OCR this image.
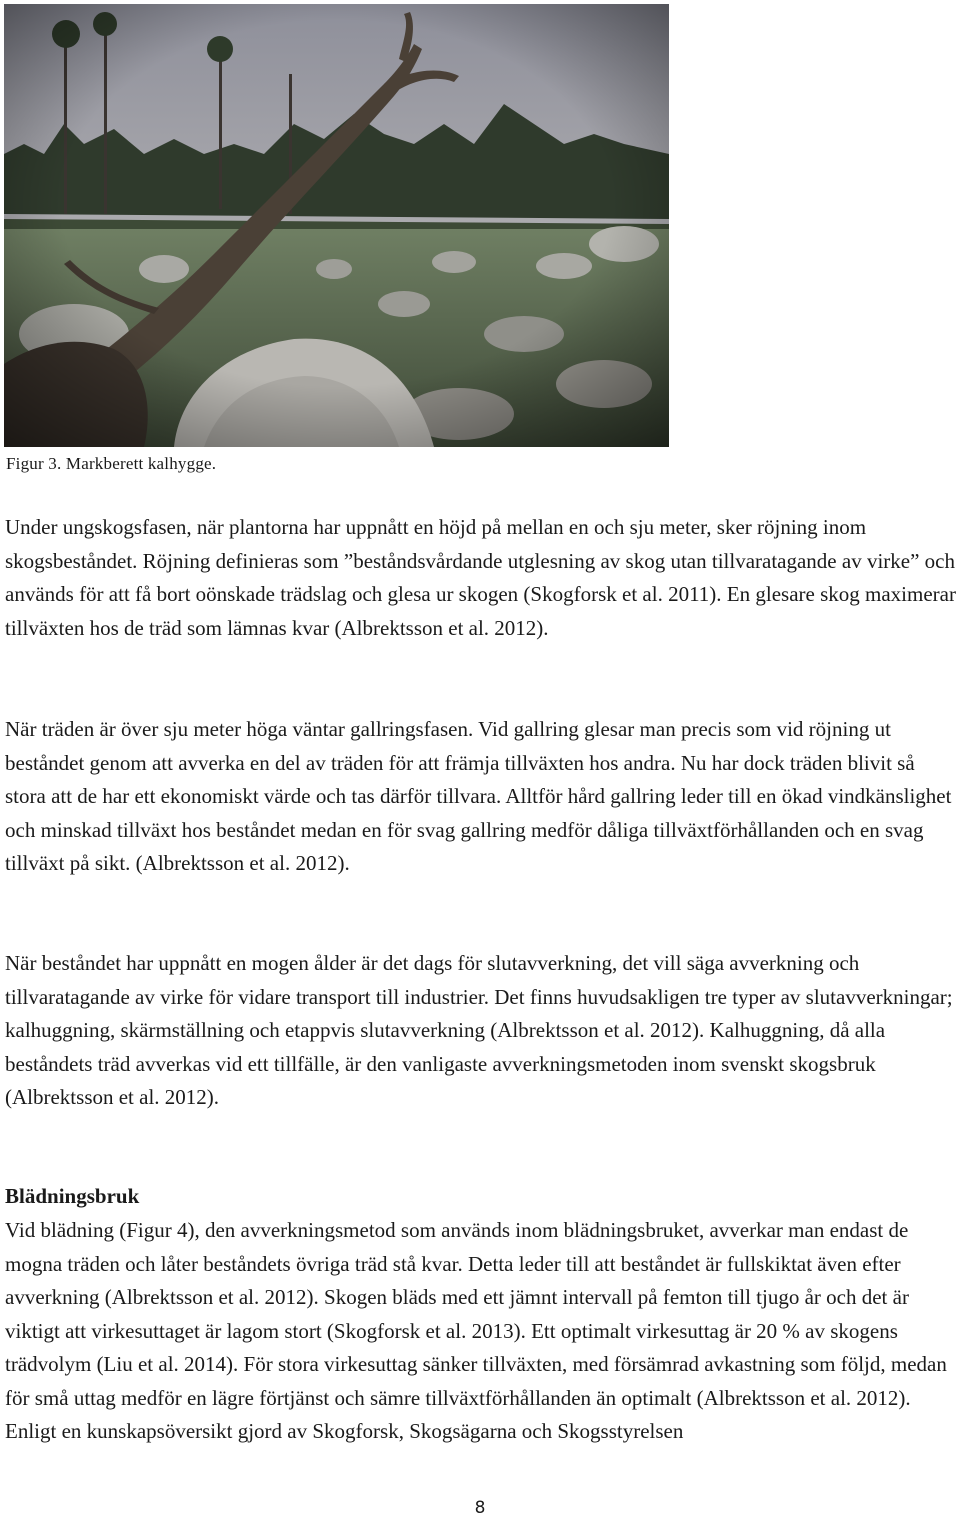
Figur 3. Markberett kalhygge.
Under ungskogsfasen, när plantorna har uppnått en höjd på mellan en och sju meter, sker röjning inom skogsbeståndet. Röjning definieras som ”beståndsvårdande utglesning av skog utan tillvaratagande av virke” och används för att få bort oönskade trädslag och glesa ur skogen (Skogforsk et al. 2011). En glesare skog maximerar tillväxten hos de träd som lämnas kvar (Albrektsson et al. 2012).
När träden är över sju meter höga väntar gallringsfasen. Vid gallring glesar man precis som vid röjning ut beståndet genom att avverka en del av träden för att främja tillväxten hos andra. Nu har dock träden blivit så stora att de har ett ekonomiskt värde och tas därför tillvara. Alltför hård gallring leder till en ökad vindkänslighet och minskad tillväxt hos beståndet medan en för svag gallring medför dåliga tillväxtförhållanden och en svag tillväxt på sikt. (Albrektsson et al. 2012).
När beståndet har uppnått en mogen ålder är det dags för slutavverkning, det vill säga avverkning och tillvaratagande av virke för vidare transport till industrier. Det finns huvudsakligen tre typer av slutavverkningar; kalhuggning, skärmställning och etappvis slutavverkning (Albrektsson et al. 2012). Kalhuggning, då alla beståndets träd avverkas vid ett tillfälle, är den vanligaste avverkningsmetoden inom svenskt skogsbruk (Albrektsson et al. 2012).
Blädningsbruk
Vid blädning (Figur 4), den avverkningsmetod som används inom blädningsbruket, avverkar man endast de mogna träden och låter beståndets övriga träd stå kvar. Detta leder till att beståndet är fullskiktat även efter avverkning (Albrektsson et al. 2012). Skogen bläds med ett jämnt intervall på femton till tjugo år och det är viktigt att virkesuttaget är lagom stort (Skogforsk et al. 2013). Ett optimalt virkesuttag är 20 % av skogens trädvolym (Liu et al. 2014). För stora virkesuttag sänker tillväxten, med försämrad avkastning som följd, medan för små uttag medför en lägre förtjänst och sämre tillväxtförhållanden än optimalt (Albrektsson et al. 2012). Enligt en kunskapsöversikt gjord av Skogforsk, Skogsägarna och Skogsstyrelsen
8
